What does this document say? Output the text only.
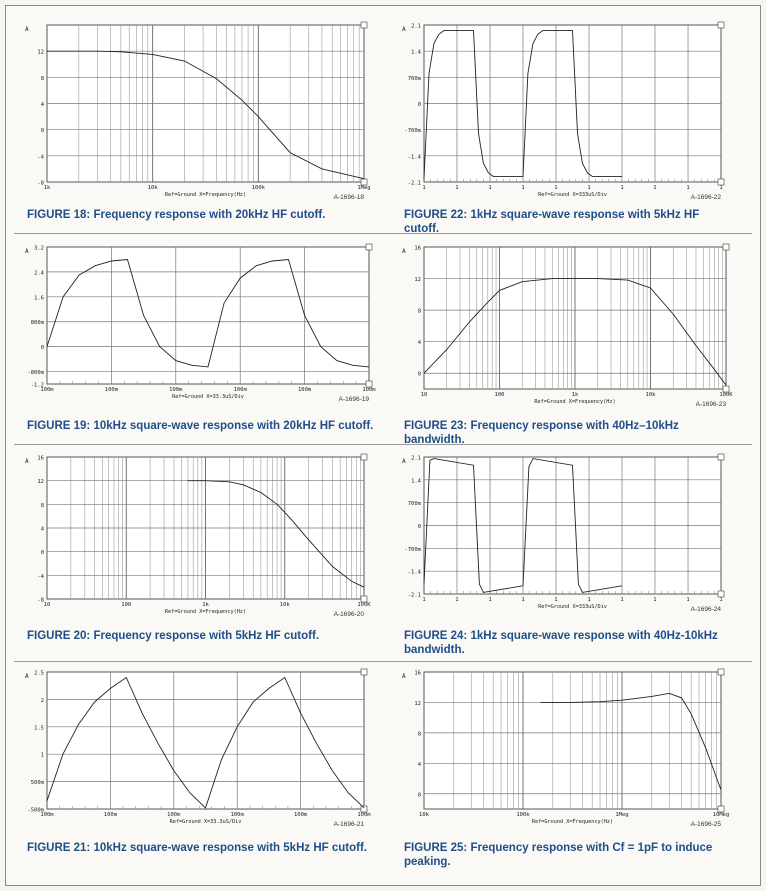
12
8
4
0
-4
-8
1k	10k	100k	1Meg
A
Ref=Ground X=Frequency(Hz)	A-1696-18
FIGURE 18: Frequency response with 20kHz HF cutoff.
2.1
1.4
700m
0
-700m
-1.4
-2.1
1	1	1	1	1	1	1	1	1	1
A
Ref=Ground X=333uS/Div	A-1696-22
FIGURE 22: 1kHz square-wave response with 5kHz HF cutoff.
3.2
2.4
1.6
800m
0
-800m
-1.2
100m	100m	100m	100m	100m	100m
A
Ref=Ground X=33.3uS/Div	A-1696-19
FIGURE 19: 10kHz square-wave response with 20kHz HF cutoff.
16
12
8
4
0
10	100	1k	10k	100K
A
Ref=Ground X=Frequency(Hz)	A-1696-23
FIGURE 23: Frequency response with 40Hz–10kHz bandwidth.
16
12
8
4
0
-4
-8
10	100	1k	10k	100K
A
Ref=Ground X=Frequency(Hz)	A-1696-20
FIGURE 20: Frequency response with 5kHz HF cutoff.
2.1
1.4
700m
0
-700m
-1.4
-2.1
1	1	1	1	1	1	1	1	1	1
A
Ref=Ground X=333uS/Div	A-1696-24
FIGURE 24: 1kHz square-wave response with 40Hz-10kHz bandwidth.
2.5
2
1.5
1
500m
-500m
100m	100m	100m	100m	100m	100m
A
Ref=Ground X=33.3uS/Div	A-1696-21
FIGURE 21: 10kHz square-wave response with 5kHz HF cutoff.
16
12
8
4
0
10k	100k	1Meg	10Meg
A
Ref=Ground X=Frequency(Hz)	A-1696-25
FIGURE 25: Frequency response with Cf = 1pF to induce peaking.
